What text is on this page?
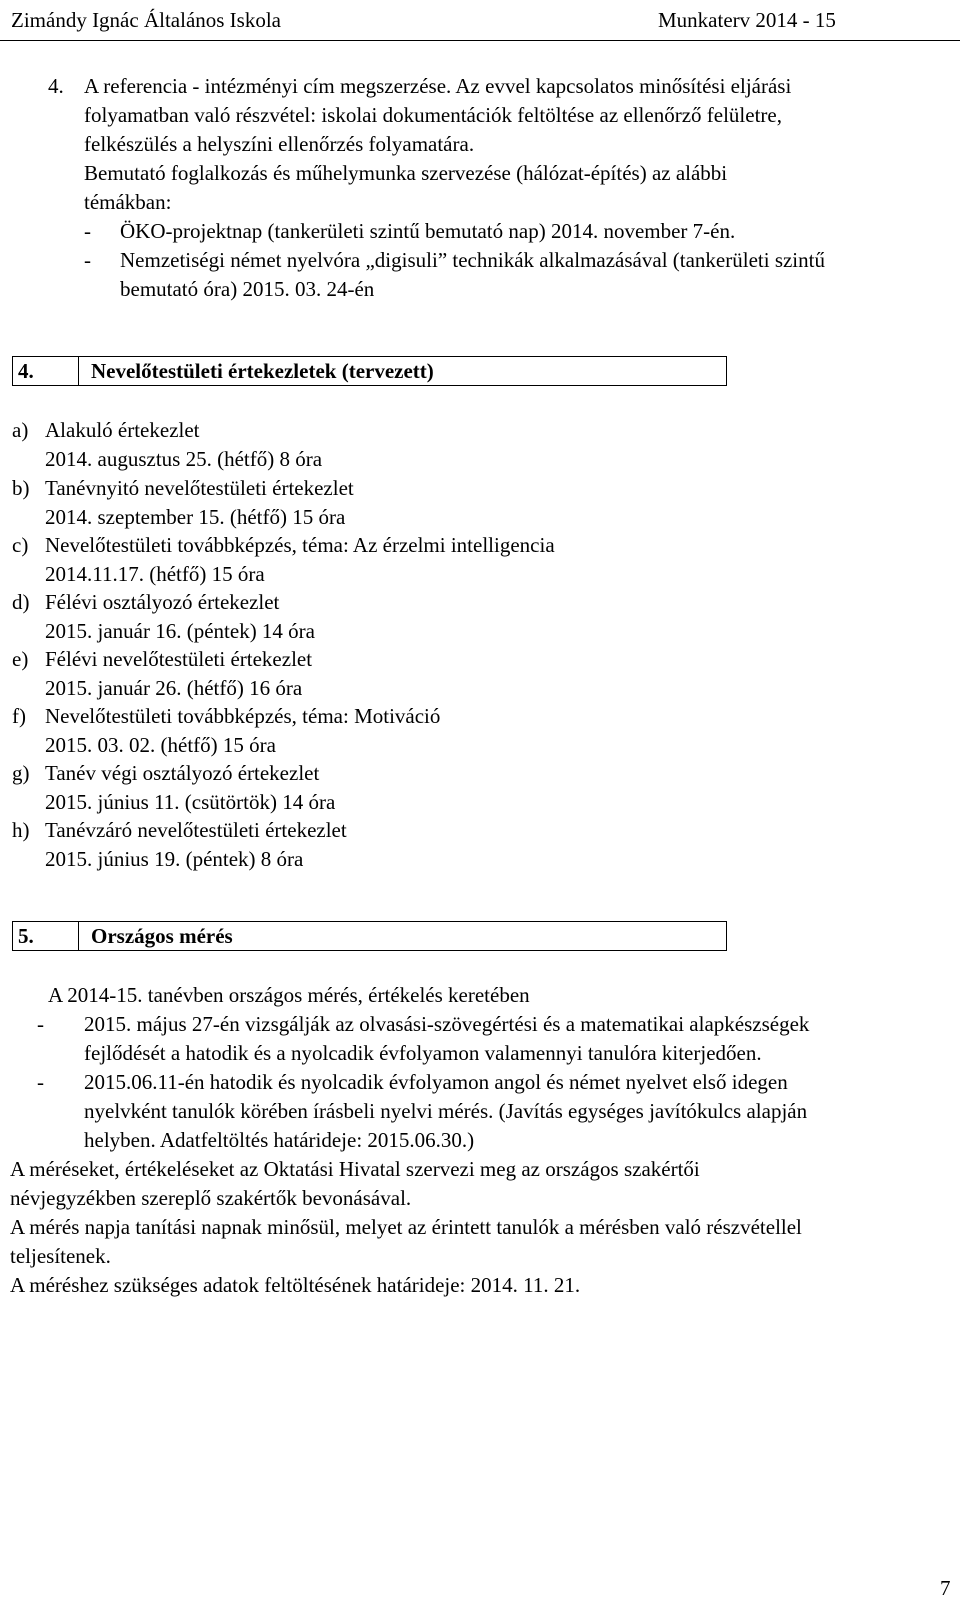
Zimándy Ignác Általános Iskola	Munkaterv 2014 - 15
4. A referencia - intézményi cím megszerzése. Az evvel kapcsolatos minősítési eljárási
folyamatban való részvétel: iskolai dokumentációk feltöltése az ellenőrző felületre,
felkészülés a helyszíni ellenőrzés folyamatára.
Bemutató foglalkozás és műhelymunka szervezése (hálózat-építés) az alábbi
témákban:
- ÖKO-projektnap (tankerületi szintű bemutató nap) 2014. november 7-én.
- Nemzetiségi német nyelvóra „digisuli” technikák alkalmazásával (tankerületi szintű
bemutató óra) 2015. 03. 24-én
4.	Nevelőtestületi értekezletek (tervezett)
a) Alakuló értekezlet
2014. augusztus 25. (hétfő) 8 óra
b) Tanévnyitó nevelőtestületi értekezlet
2014. szeptember 15. (hétfő) 15 óra
c) Nevelőtestületi továbbképzés, téma: Az érzelmi intelligencia
2014.11.17. (hétfő) 15 óra
d) Félévi osztályozó értekezlet
2015. január 16. (péntek) 14 óra
e) Félévi nevelőtestületi értekezlet
2015. január 26. (hétfő) 16 óra
f) Nevelőtestületi továbbképzés, téma: Motiváció
2015. 03. 02. (hétfő) 15 óra
g) Tanév végi osztályozó értekezlet
2015. június 11. (csütörtök) 14 óra
h) Tanévzáró nevelőtestületi értekezlet
2015. június 19. (péntek) 8 óra
5.	Országos mérés
A 2014-15. tanévben országos mérés, értékelés keretében
- 2015. május 27-én vizsgálják az olvasási-szövegértési és a matematikai alapkészségek
fejlődését a hatodik és a nyolcadik évfolyamon valamennyi tanulóra kiterjedően.
- 2015.06.11-én hatodik és nyolcadik évfolyamon angol és német nyelvet első idegen
nyelvként tanulók körében írásbeli nyelvi mérés. (Javítás egységes javítókulcs alapján
helyben. Adatfeltöltés határideje: 2015.06.30.)
A méréseket, értékeléseket az Oktatási Hivatal szervezi meg az országos szakértői
névjegyzékben szereplő szakértők bevonásával.
A mérés napja tanítási napnak minősül, melyet az érintett tanulók a mérésben való részvétellel
teljesítenek.
A méréshez szükséges adatok feltöltésének határideje: 2014. 11. 21.
7
